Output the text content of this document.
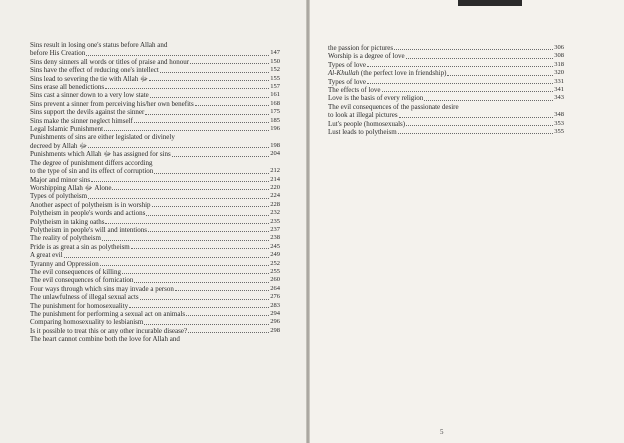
Sins result in losing one's status before Allah and
before His Creation	147
Sins deny sinners all words or titles of praise and honour	150
Sins have the effect of reducing one's intellect	152
Sins lead to severing the tie with Allah ﷻ	155
Sins erase all benedictions	157
Sins cast a sinner down to a very low state	161
Sins prevent a sinner from perceiving his/her own benefits	168
Sins support the devils against the sinner	175
Sins make the sinner neglect himself	185
Legal Islamic Punishment	196
Punishments of sins are either legislated or divinely
decreed by Allah ﷻ	198
Punishments which Allah ﷻ has assigned for sins	204
The degree of punishment differs according
to the type of sin and its effect of corruption	212
Major and minor sins	214
Worshipping Allah ﷻ Alone	220
Types of polytheism	224
Another aspect of polytheism is in worship	228
Polytheism in people's words and actions	232
Polytheism in taking oaths	235
Polytheism in people's will and intentions	237
The reality of polytheism	238
Pride is as great a sin as polytheism	245
A great evil	249
Tyranny and Oppression	252
The evil consequences of killing	255
The evil consequences of fornication	260
Four ways through which sins may invade a person	264
The unlawfulness of illegal sexual acts	276
The punishment for homosexuality	283
The punishment for performing a sexual act on animals	294
Comparing homosexuality to lesbianism	296
Is it possible to treat this or any other incurable disease?	298
The heart cannot combine both the love for Allah and
the passion for pictures	306
Worship is a degree of love	308
Types of love	318
Al-Khullah (the perfect love in friendship)	320
Types of love	331
The effects of love	341
Love is the basis of every religion	343
The evil consequences of the passionate desire
to look at illegal pictures	348
Lut's people (homosexuals)	353
Lust leads to polytheism	355
5
